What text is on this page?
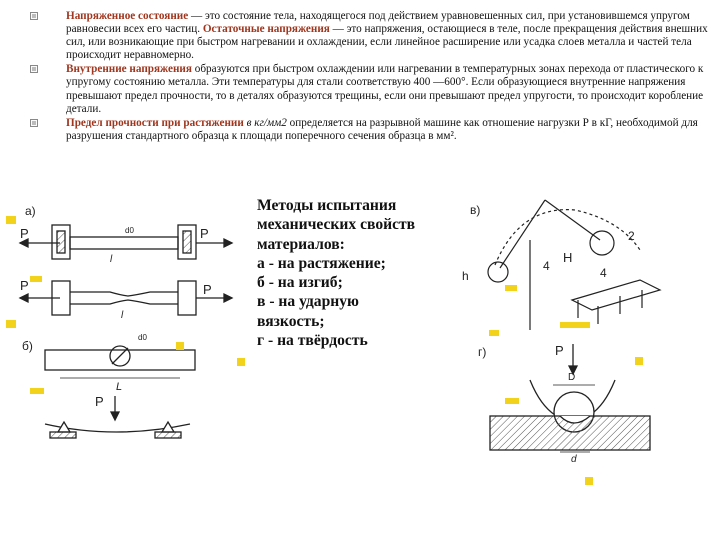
Напряженное состояние — это состояние тела, находящегося под действием уравновешенных сил, при установившемся упругом равновесии всех его частиц. Остаточные напряжения — это напряжения, остающиеся в теле, после прекращения действия внешних сил, или возникающие при быстром нагревании и охлаждении, если линейное расширение или усадка слоев металла и частей тела происходит неравномерно.
Внутренние напряжения образуются при быстром охлаждении или нагревании в температурных зонах перехода от пластического к упругому состоянию металла. Эти температуры для стали соответствую 400 —600°. Если образующиеся внутренние напряжения превышают предел прочности, то в деталях образуются трещины, если они превышают предел упругости, то происходит коробление детали.
Предел прочности при растяжении в кг/мм2 определяется на разрывной машине как отношение нагрузки Р в кГ, необходимой для разрушения стандартного образца к площади поперечного сечения образца в мм².
Методы испытания
механических свойств
материалов:
а - на растяжение;
б - на изгиб;
в - на ударную
вязкость;
г - на твёрдость
а)
P	P
d0
l
P	P
l
б)
d0
L
P
в)
2
4
H
4
h
г)	P
D
d
